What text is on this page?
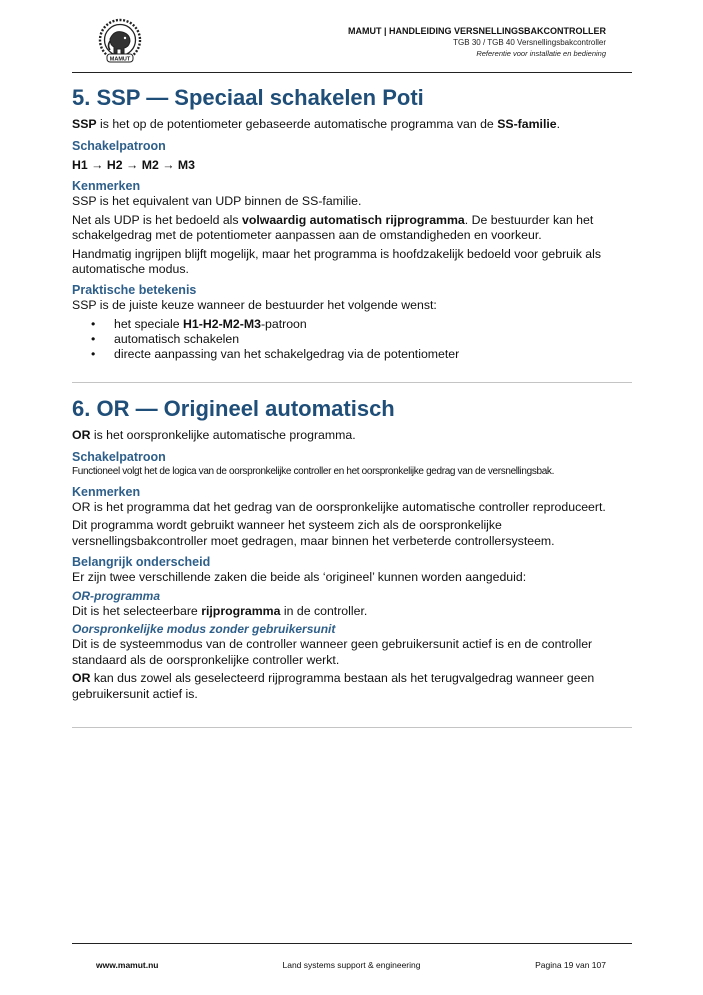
MAMUT
MAMUT | HANDLEIDING VERSNELLINGSBAKCONTROLLER
TGB 30 / TGB 40 Versnellingsbakcontroller
Referentie voor installatie en bediening
5. SSP — Speciaal schakelen Poti

SSP is het op de potentiometer gebaseerde automatische programma van de SS-familie.

Schakelpatroon

H1 → H2 → M2 → M3

Kenmerken

SSP is het equivalent van UDP binnen de SS-familie.

Net als UDP is het bedoeld als volwaardig automatisch rijprogramma. De bestuurder kan het schakelgedrag met de potentiometer aanpassen aan de omstandigheden en voorkeur.

Handmatig ingrijpen blijft mogelijk, maar het programma is hoofdzakelijk bedoeld voor gebruik als automatische modus.

Praktische betekenis

SSP is de juiste keuze wanneer de bestuurder het volgende wenst:

• het speciale H1-H2-M2-M3-patroon
• automatisch schakelen
• directe aanpassing van het schakelgedrag via de potentiometer
6. OR — Origineel automatisch

OR is het oorspronkelijke automatische programma.

Schakelpatroon

Functioneel volgt het de logica van de oorspronkelijke controller en het oorspronkelijke gedrag van de versnellingsbak.

Kenmerken

OR is het programma dat het gedrag van de oorspronkelijke automatische controller reproduceert.

Dit programma wordt gebruikt wanneer het systeem zich als de oorspronkelijke versnellingsbakcontroller moet gedragen, maar binnen het verbeterde controllersysteem.

Belangrijk onderscheid

Er zijn twee verschillende zaken die beide als ‘origineel’ kunnen worden aangeduid:

OR-programma

Dit is het selecteerbare rijprogramma in de controller.

Oorspronkelijke modus zonder gebruikersunit

Dit is de systeemmodus van de controller wanneer geen gebruikersunit actief is en de controller standaard als de oorspronkelijke controller werkt.

OR kan dus zowel als geselecteerd rijprogramma bestaan als het terugvalgedrag wanneer geen gebruikersunit actief is.

www.mamut.nu	Land systems support & engineering	Pagina 19 van 107
